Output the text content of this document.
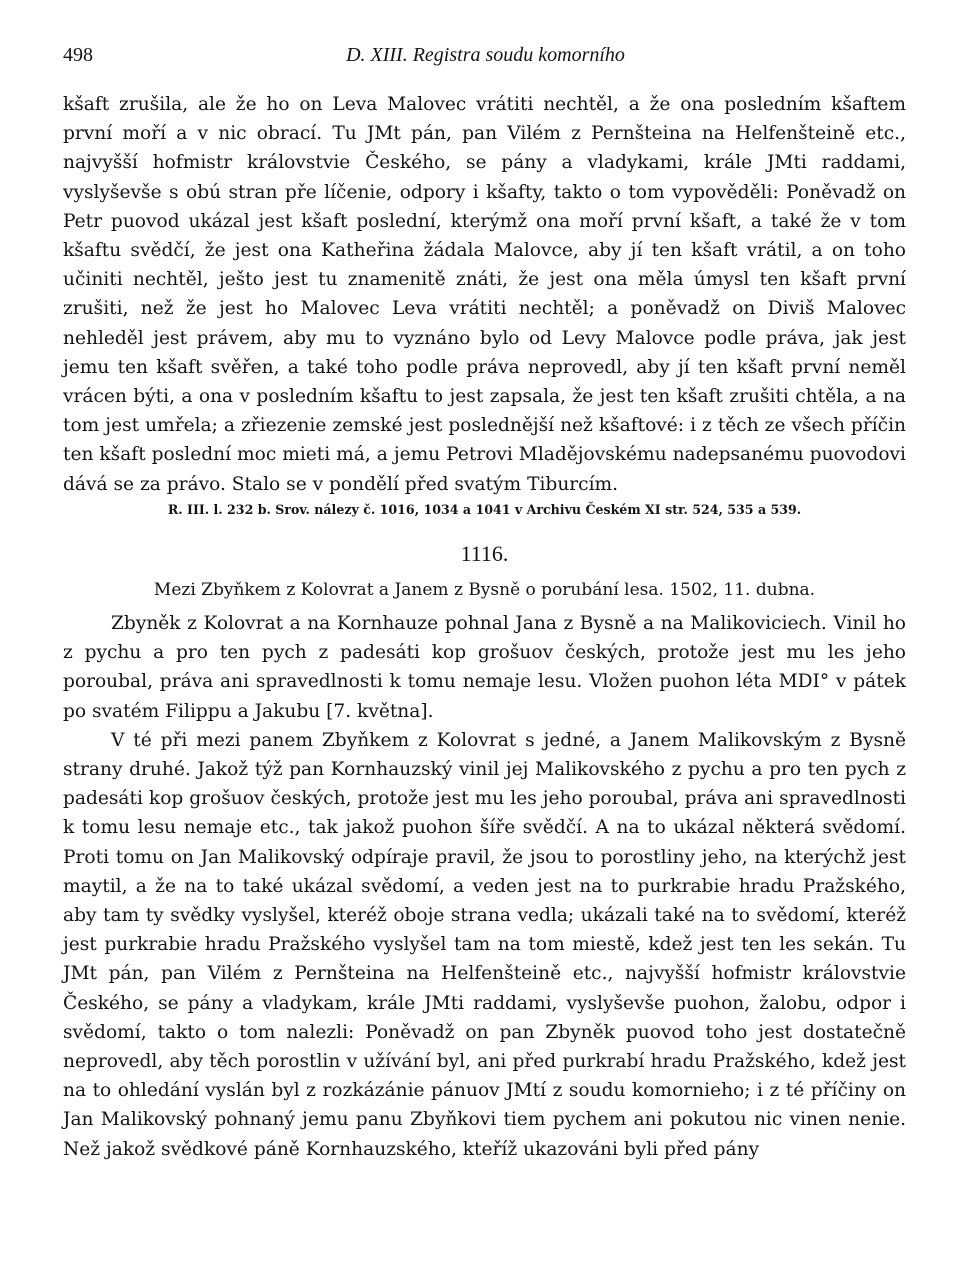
498	D. XIII. Registra soudu komorního

kšaft zrušila, ale že ho on Leva Malovec vrátiti nechtěl, a že ona posledním kšaftem první moří a v nic obrací. Tu JMt pán, pan Vilém z Pernšteina na Helfenšteině etc., najvyšší hofmistr královstvie Českého, se pány a vladykami, krále JMti raddami, vyslyševše s obú stran pře líčenie, odpory i kšafty, takto o tom vypověděli: Poněvadž on Petr puovod ukázal jest kšaft poslední, kterýmž ona moří první kšaft, a také že v tom kšaftu svědčí, že jest ona Katheřina žádala Malovce, aby jí ten kšaft vrátil, a on toho učiniti nechtěl, ješto jest tu znamenitě znáti, že jest ona měla úmysl ten kšaft první zrušiti, než že jest ho Malovec Leva vrátiti nechtěl; a poněvadž on Diviš Malovec nehleděl jest právem, aby mu to vyznáno bylo od Levy Malovce podle práva, jak jest jemu ten kšaft svěřen, a také toho podle práva neprovedl, aby jí ten kšaft první neměl vrácen býti, a ona v posledním kšaftu to jest zapsala, že jest ten kšaft zrušiti chtěla, a na tom jest umřela; a zřiezenie zemské jest poslednější než kšaftové: i z těch ze všech příčin ten kšaft poslední moc mieti má, a jemu Petrovi Mladějovskému nadepsanému puovodovi dává se za právo. Stalo se v pondělí před svatým Tiburcím.

R. III. l. 232 b. Srov. nálezy č. 1016, 1034 a 1041 v Archivu Českém XI str. 524, 535 a 539.
1116.
Mezi Zbyňkem z Kolovrat a Janem z Bysně o porubání lesa. 1502, 11. dubna.

Zbyněk z Kolovrat a na Kornhauze pohnal Jana z Bysně a na Malikoviciech. Vinil ho z pychu a pro ten pych z padesáti kop grošuov českých, protože jest mu les jeho poroubal, práva ani spravedlnosti k tomu nemaje lesu. Vložen puohon léta MDI° v pátek po svatém Filippu a Jakubu [7. května].

V té při mezi panem Zbyňkem z Kolovrat s jedné, a Janem Malikovským z Bysně strany druhé. Jakož týž pan Kornhauzský vinil jej Malikovského z pychu a pro ten pych z padesáti kop grošuov českých, protože jest mu les jeho poroubal, práva ani spravedlnosti k tomu lesu nemaje etc., tak jakož puohon šíře svědčí. A na to ukázal některá svědomí. Proti tomu on Jan Malikovský odpíraje pravil, že jsou to porostliny jeho, na kterýchž jest maytil, a že na to také ukázal svědomí, a veden jest na to purkrabie hradu Pražského, aby tam ty svědky vyslyšel, kteréž oboje strana vedla; ukázali také na to svědomí, kteréž jest purkrabie hradu Pražského vyslyšel tam na tom miestě, kdež jest ten les sekán. Tu JMt pán, pan Vilém z Pernšteina na Helfenšteině etc., najvyšší hofmistr královstvie Českého, se pány a vladykam, krále JMti raddami, vyslyševše puohon, žalobu, odpor i svědomí, takto o tom nalezli: Poněvadž on pan Zbyněk puovod toho jest dostatečně neprovedl, aby těch porostlin v užívání byl, ani před purkrabí hradu Pražského, kdež jest na to ohledání vyslán byl z rozkázánie pánuov JMtí z soudu komornieho; i z té příčiny on Jan Malikovský pohnaný jemu panu Zbyňkovi tiem pychem ani pokutou nic vinen nenie. Než jakož svědkové páně Kornhauzského, kteříž ukazováni byli před pány
